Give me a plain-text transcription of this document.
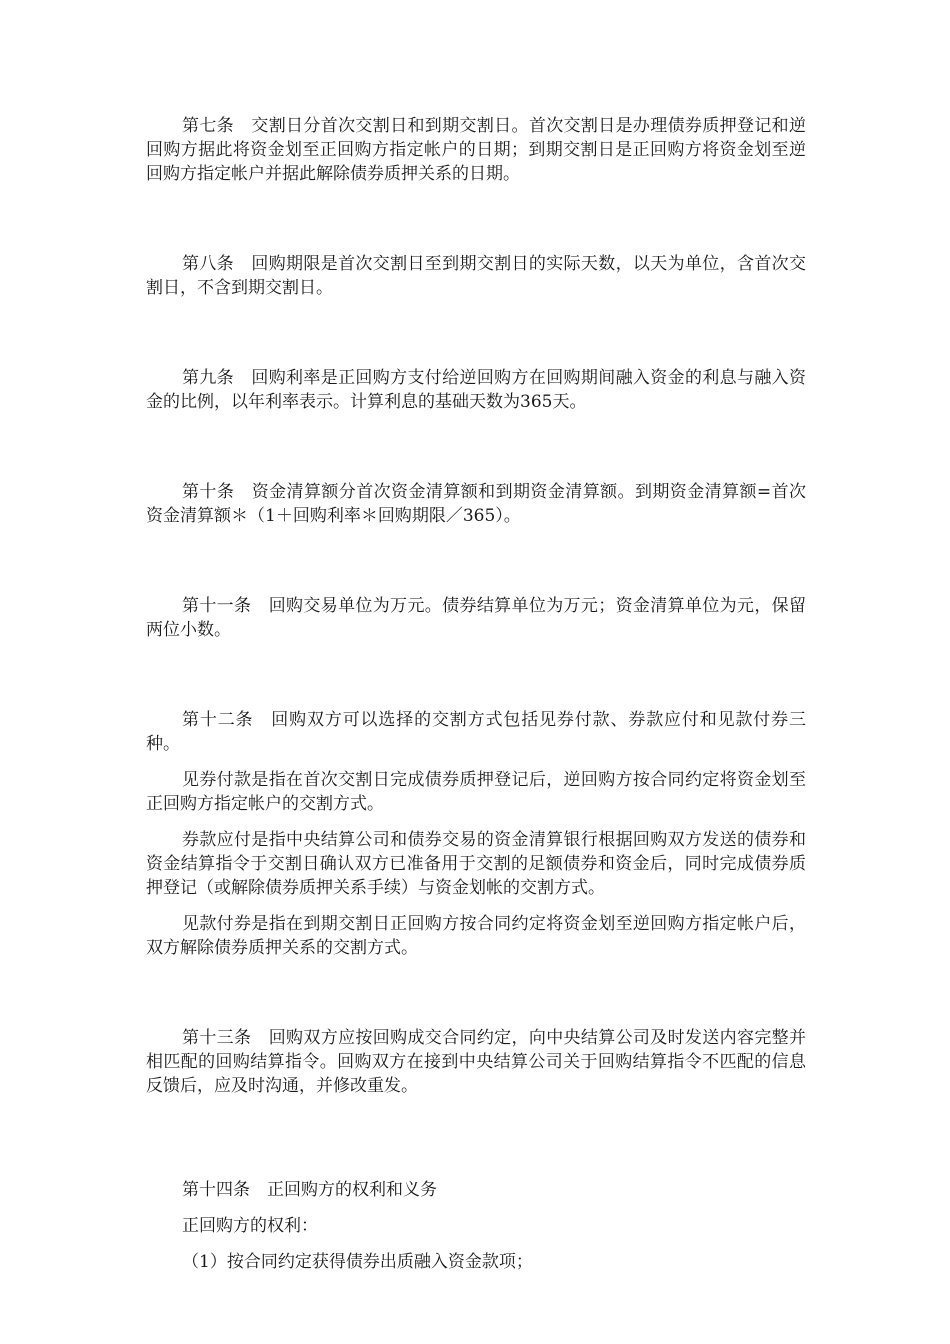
第七条　 交割日分首次交割日和到期交割日。首次交割日是办理债券质押登记和逆回购方据此将资金划至正回购方指定帐户的日期；到期交割日是正回购方将资金划至逆回购方指定帐户并据此解除债券质押关系的日期。

第八条　 回购期限是首次交割日至到期交割日的实际天数，以天为单位，含首次交割日，不含到期交割日。

第九条　 回购利率是正回购方支付给逆回购方在回购期间融入资金的利息与融入资金的比例，以年利率表示。计算利息的基础天数为365天。

第十条　 资金清算额分首次资金清算额和到期资金清算额。到期资金清算额=首次资金清算额＊（1＋回购利率＊回购期限／365）。

第十一条　 回购交易单位为万元。债券结算单位为万元；资金清算单位为元，保留两位小数。

第十二条　 回购双方可以选择的交割方式包括见券付款、券款应付和见款付券三种。

见券付款是指在首次交割日完成债券质押登记后，逆回购方按合同约定将资金划至正回购方指定帐户的交割方式。

券款应付是指中央结算公司和债券交易的资金清算银行根据回购双方发送的债券和资金结算指令于交割日确认双方已准备用于交割的足额债券和资金后，同时完成债券质押登记（或解除债券质押关系手续）与资金划帐的交割方式。

见款付券是指在到期交割日正回购方按合同约定将资金划至逆回购方指定帐户后，双方解除债券质押关系的交割方式。

第十三条　 回购双方应按回购成交合同约定，向中央结算公司及时发送内容完整并相匹配的回购结算指令。回购双方在接到中央结算公司关于回购结算指令不匹配的信息反馈后，应及时沟通，并修改重发。

第十四条　 正回购方的权利和义务

正回购方的权利：

（1）按合同约定获得债券出质融入资金款项；
